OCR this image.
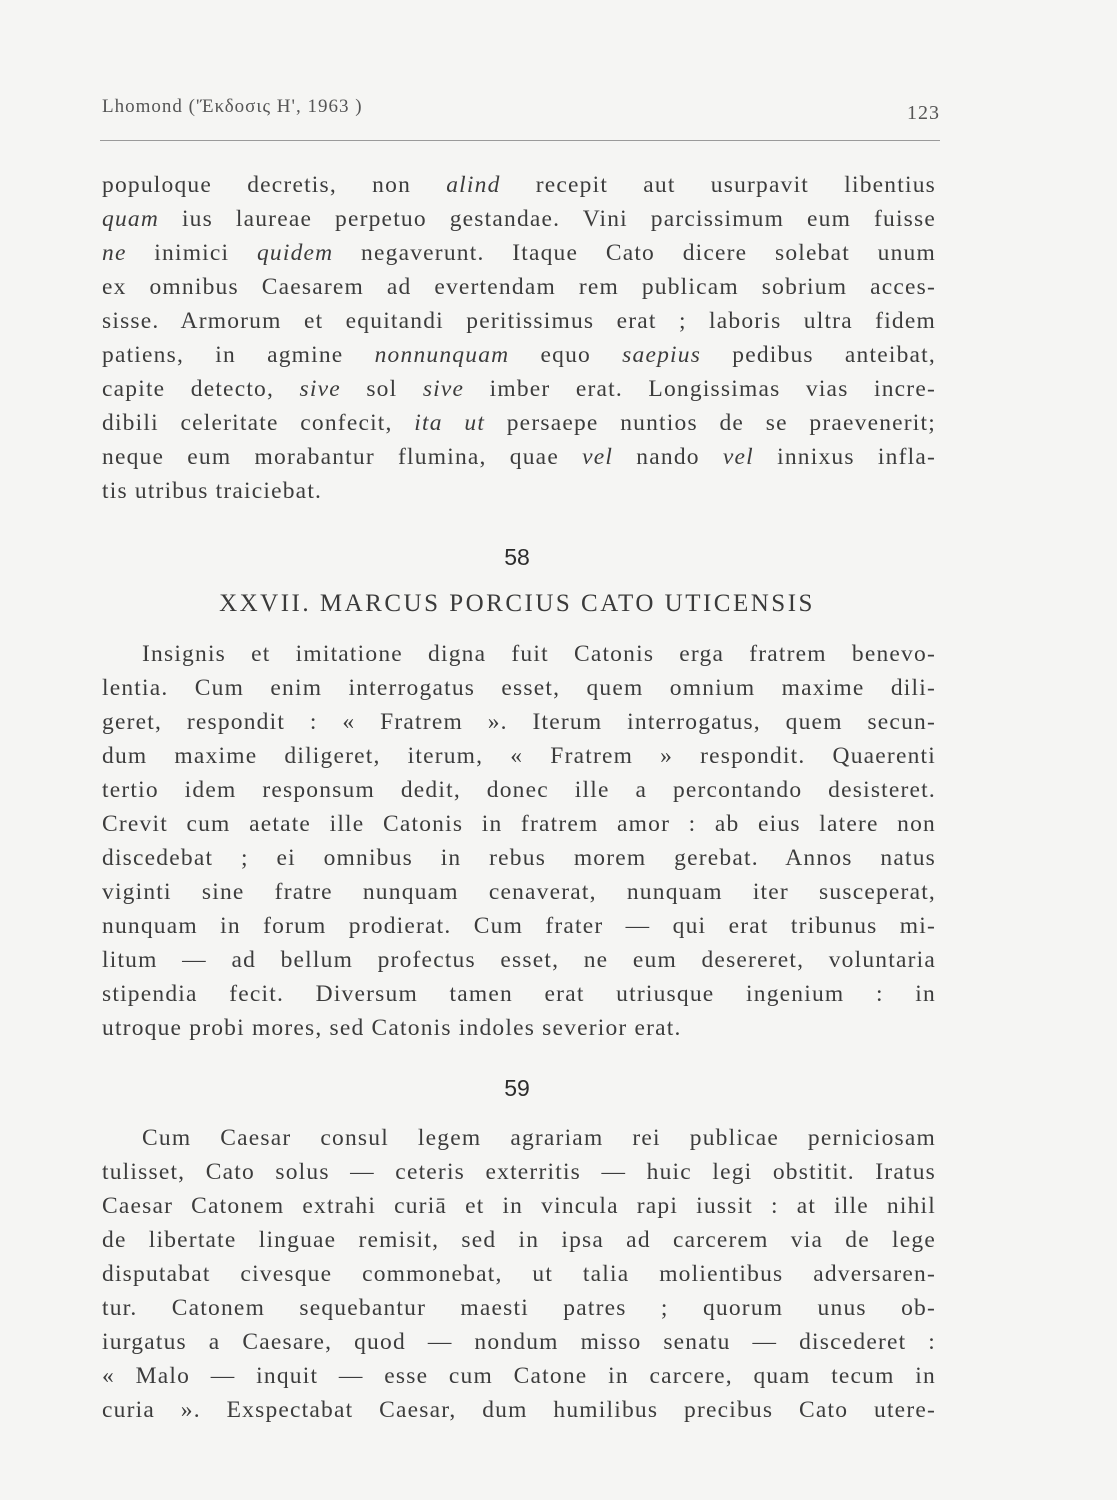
Lhomond ('Έκδοσις Η', 1963 )	123
populoque decretis, non alind recepit aut usurpavit libentius
quam ius laureae perpetuo gestandae. Vini parcissimum eum fuisse
ne inimici quidem negaverunt. Itaque Cato dicere solebat unum
ex omnibus Caesarem ad evertendam rem publicam sobrium acces-
sisse. Armorum et equitandi peritissimus erat ; laboris ultra fidem
patiens, in agmine nonnunquam equo saepius pedibus anteibat,
capite detecto, sive sol sive imber erat. Longissimas vias incre-
dibili celeritate confecit, ita ut persaepe nuntios de se praevenerit;
neque eum morabantur flumina, quae vel nando vel innixus infla-
tis utribus traiciebat.
58
XXVII. MARCUS PORCIUS CATO UTICENSIS
Insignis et imitatione digna fuit Catonis erga fratrem benevo-
lentia. Cum enim interrogatus esset, quem omnium maxime dili-
geret, respondit : « Fratrem ». Iterum interrogatus, quem secun-
dum maxime diligeret, iterum, « Fratrem » respondit. Quaerenti
tertio idem responsum dedit, donec ille a percontando desisteret.
Crevit cum aetate ille Catonis in fratrem amor : ab eius latere non
discedebat ; ei omnibus in rebus morem gerebat. Annos natus
viginti sine fratre nunquam cenaverat, nunquam iter susceperat,
nunquam in forum prodierat. Cum frater — qui erat tribunus mi-
litum — ad bellum profectus esset, ne eum desereret, voluntaria
stipendia fecit. Diversum tamen erat utriusque ingenium : in
utroque probi mores, sed Catonis indoles severior erat.
59
Cum Caesar consul legem agrariam rei publicae perniciosam
tulisset, Cato solus — ceteris exterritis — huic legi obstitit. Iratus
Caesar Catonem extrahi curiā et in vincula rapi iussit : at ille nihil
de libertate linguae remisit, sed in ipsa ad carcerem via de lege
disputabat civesque commonebat, ut talia molientibus adversaren-
tur. Catonem sequebantur maesti patres ; quorum unus ob-
iurgatus a Caesare, quod — nondum misso senatu — discederet :
« Malo — inquit — esse cum Catone in carcere, quam tecum in
curia ». Exspectabat Caesar, dum humilibus precibus Cato utere-
